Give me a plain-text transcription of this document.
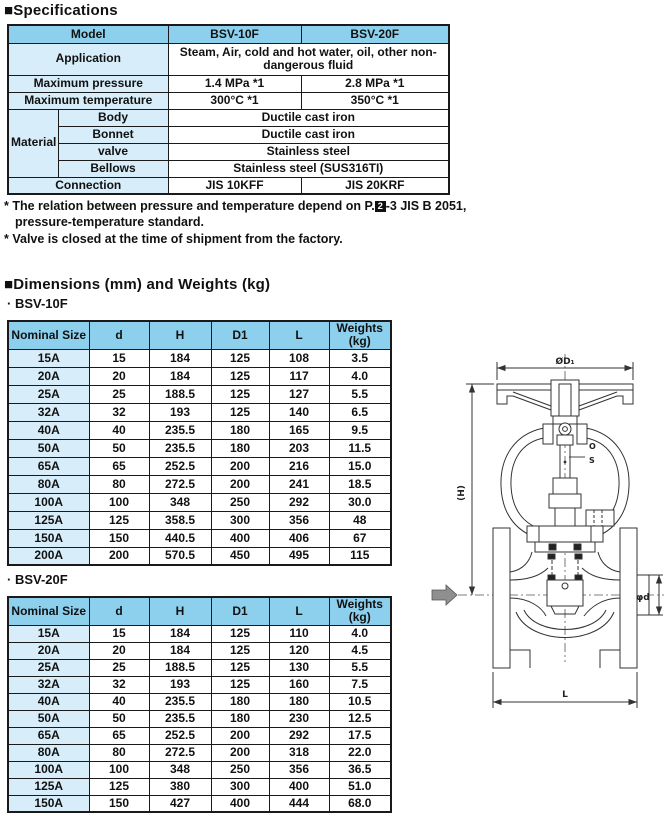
■Specifications
Model		BSV-10F	BSV-20F
Application		Steam, Air, cold and hot water, oil, other non-dangerous fluid	
Maximum pressure		1.4 MPa *1	2.8 MPa *1
Maximum temperature		300°C *1	350°C *1
Material	Body	Ductile cast iron	
	Bonnet	Ductile cast iron	
	valve	Stainless steel	
	Bellows	Stainless steel (SUS316TI)	
Connection		JIS 10KFF	JIS 20KRF

* The relation between pressure and temperature depend on P. 2 -3 JIS B 2051, pressure-temperature standard.

* Valve is closed at the time of shipment from the factory.

■Dimensions (mm) and Weights (kg)

· BSV-10F

Nominal Size	d	H	D1	L	Weights (kg)
15A	15	184	125	108	3.5
20A	20	184	125	117	4.0
25A	25	188.5	125	127	5.5
32A	32	193	125	140	6.5
40A	40	235.5	180	165	9.5
50A	50	235.5	180	203	11.5
65A	65	252.5	200	216	15.0
80A	80	272.5	200	241	18.5
100A	100	348	250	292	30.0
125A	125	358.5	300	356	48
150A	150	440.5	400	406	67
200A	200	570.5	450	495	115

· BSV-20F

Nominal Size	d	H	D1	L	Weights (kg)
15A	15	184	125	110	4.0
20A	20	184	125	120	4.5
25A	25	188.5	125	130	5.5
32A	32	193	125	160	7.5
40A	40	235.5	180	180	10.5
50A	50	235.5	180	230	12.5
65A	65	252.5	200	292	17.5
80A	80	272.5	200	318	22.0
100A	100	348	250	356	36.5
125A	125	380	300	400	51.0
150A	150	427	400	444	68.0
ØD₁
(H)
O
S
φd
L
